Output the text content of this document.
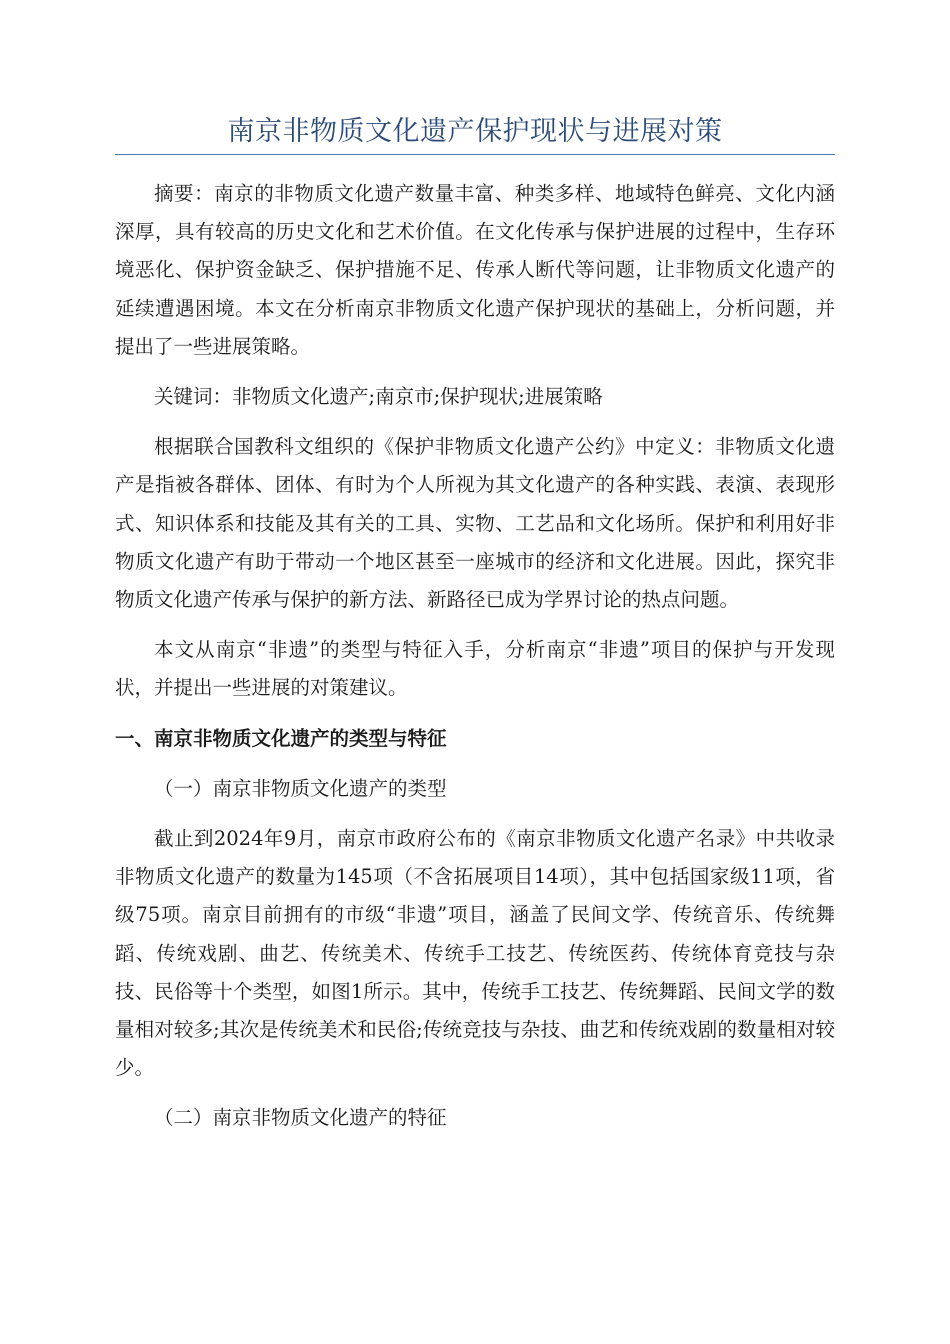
南京非物质文化遗产保护现状与进展对策

摘要：南京的非物质文化遗产数量丰富、种类多样、地域特色鲜亮、文化内涵深厚，具有较高的历史文化和艺术价值。在文化传承与保护进展的过程中，生存环境恶化、保护资金缺乏、保护措施不足、传承人断代等问题，让非物质文化遗产的延续遭遇困境。本文在分析南京非物质文化遗产保护现状的基础上，分析问题，并提出了一些进展策略。

关键词：非物质文化遗产;南京市;保护现状;进展策略

根据联合国教科文组织的《保护非物质文化遗产公约》中定义：非物质文化遗产是指被各群体、团体、有时为个人所视为其文化遗产的各种实践、表演、表现形式、知识体系和技能及其有关的工具、实物、工艺品和文化场所。保护和利用好非物质文化遗产有助于带动一个地区甚至一座城市的经济和文化进展。因此，探究非物质文化遗产传承与保护的新方法、新路径已成为学界讨论的热点问题。

本文从南京“非遗”的类型与特征入手，分析南京“非遗”项目的保护与开发现状，并提出一些进展的对策建议。

一、南京非物质文化遗产的类型与特征
（一）南京非物质文化遗产的类型

截止到2024年9月，南京市政府公布的《南京非物质文化遗产名录》中共收录非物质文化遗产的数量为145项（不含拓展项目14项），其中包括国家级11项，省级75项。南京目前拥有的市级“非遗”项目，涵盖了民间文学、传统音乐、传统舞蹈、传统戏剧、曲艺、传统美术、传统手工技艺、传统医药、传统体育竞技与杂技、民俗等十个类型，如图1所示。其中，传统手工技艺、传统舞蹈、民间文学的数量相对较多;其次是传统美术和民俗;传统竞技与杂技、曲艺和传统戏剧的数量相对较少。

（二）南京非物质文化遗产的特征
